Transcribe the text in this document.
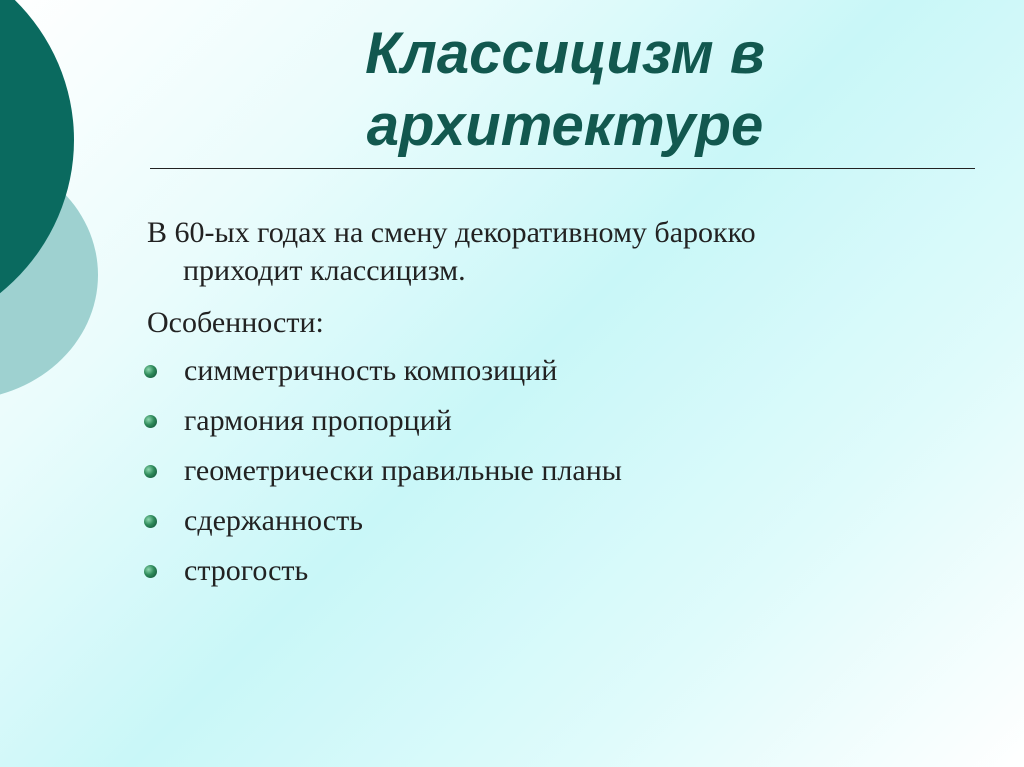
Классицизм в
архитектуре

В 60-ых годах на смену декоративному барокко
приходит классицизм.

Особенности:

симметричность композиций
гармония пропорций
геометрически правильные планы
сдержанность
строгость
